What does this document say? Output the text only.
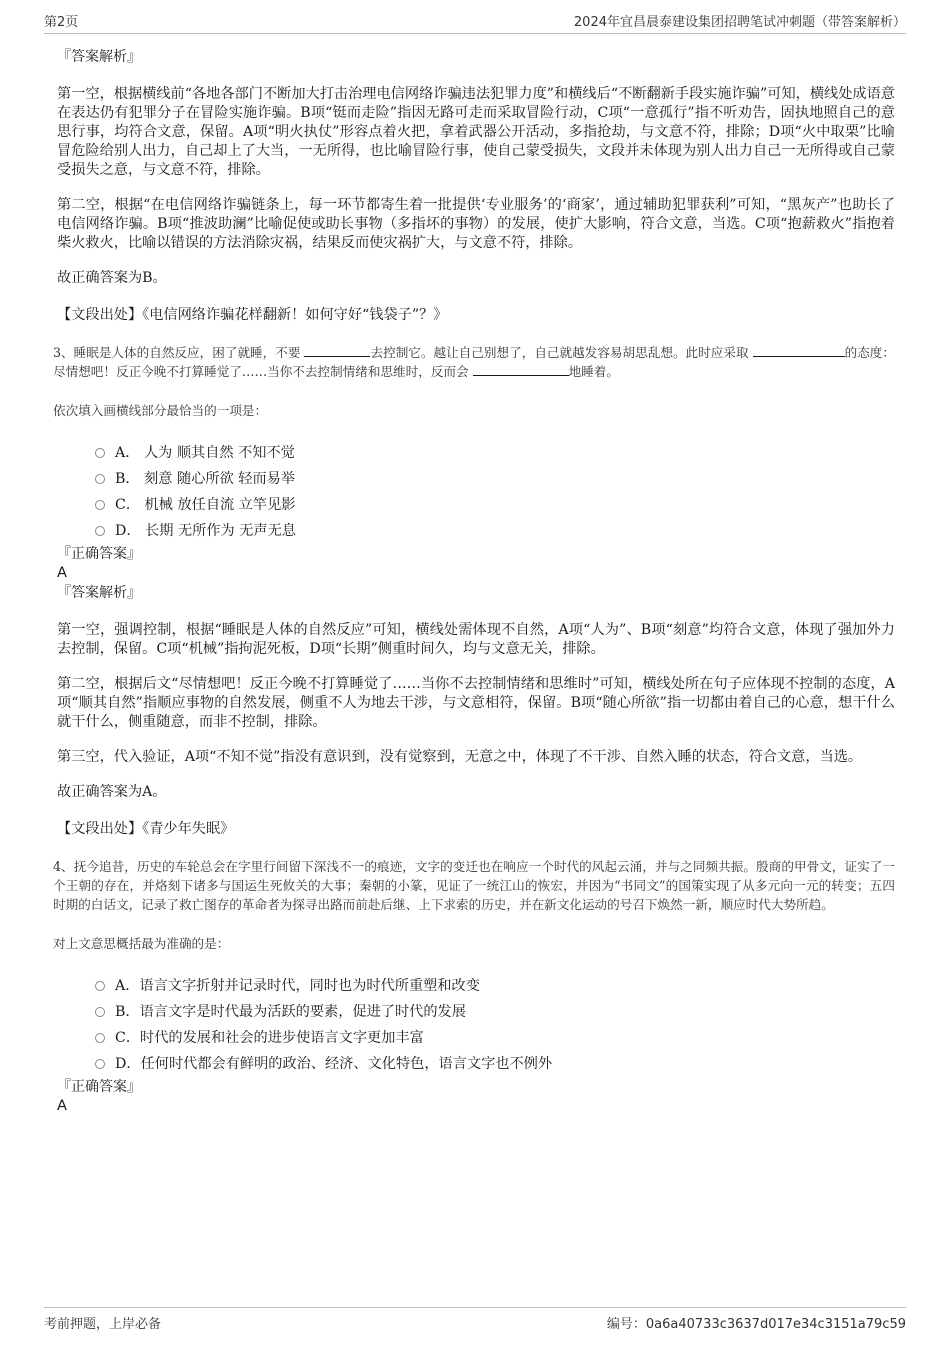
第2页	2024年宜昌晨泰建设集团招聘笔试冲刺题（带答案解析）

『答案解析』

第一空，根据横线前“各地各部门不断加大打击治理电信网络诈骗违法犯罪力度”和横线后“不断翻新手段实施诈骗”可知，横线处成语意在表达仍有犯罪分子在冒险实施诈骗。B项“铤而走险”指因无路可走而采取冒险行动，C项“一意孤行”指不听劝告，固执地照自己的意思行事，均符合文意，保留。A项“明火执仗”形容点着火把，拿着武器公开活动，多指抢劫，与文意不符，排除；D项“火中取栗”比喻冒危险给别人出力，自己却上了大当，一无所得，也比喻冒险行事，使自己蒙受损失，文段并未体现为别人出力自己一无所得或自己蒙受损失之意，与文意不符，排除。

第二空，根据“在电信网络诈骗链条上，每一环节都寄生着一批提供‘专业服务’的‘商家’，通过辅助犯罪获利”可知，“黑灰产”也助长了电信网络诈骗。B项“推波助澜”比喻促使或助长事物（多指坏的事物）的发展，使扩大影响，符合文意，当选。C项“抱薪救火”指抱着柴火救火，比喻以错误的方法消除灾祸，结果反而使灾祸扩大，与文意不符，排除。

故正确答案为B。

【文段出处】《电信网络诈骗花样翻新！如何守好“钱袋子”？》

3、睡眠是人体的自然反应，困了就睡，不要	去控制它。越让自己别想了，自己就越发容易胡思乱想。此时应采取	的态度：尽情想吧！反正今晚不打算睡觉了……当你不去控制情绪和思维时，反而会	地睡着。

依次填入画横线部分最恰当的一项是：

A． 人为 顺其自然 不知不觉
B． 刻意 随心所欲 轻而易举
C． 机械 放任自流 立竿见影
D． 长期 无所作为 无声无息

『正确答案』

A

『答案解析』

第一空，强调控制，根据“睡眠是人体的自然反应”可知，横线处需体现不自然，A项“人为”、B项“刻意”均符合文意，体现了强加外力去控制，保留。C项“机械”指拘泥死板，D项“长期”侧重时间久，均与文意无关，排除。

第二空，根据后文“尽情想吧！反正今晚不打算睡觉了……当你不去控制情绪和思维时”可知，横线处所在句子应体现不控制的态度，A项“顺其自然”指顺应事物的自然发展，侧重不人为地去干涉，与文意相符，保留。B项“随心所欲”指一切都由着自己的心意，想干什么就干什么，侧重随意，而非不控制，排除。

第三空，代入验证，A项“不知不觉”指没有意识到，没有觉察到，无意之中，体现了不干涉、自然入睡的状态，符合文意，当选。

故正确答案为A。

【文段出处】《青少年失眠》

4、抚今追昔，历史的车轮总会在字里行间留下深浅不一的痕迹，文字的变迁也在响应一个时代的风起云涌，并与之同频共振。殷商的甲骨文，证实了一个王朝的存在，并烙刻下诸多与国运生死攸关的大事；秦朝的小篆，见证了一统江山的恢宏，并因为“书同文”的国策实现了从多元向一元的转变；五四时期的白话文，记录了救亡图存的革命者为探寻出路而前赴后继、上下求索的历史，并在新文化运动的号召下焕然一新，顺应时代大势所趋。

对上文意思概括最为准确的是：

A．语言文字折射并记录时代，同时也为时代所重塑和改变
B．语言文字是时代最为活跃的要素，促进了时代的发展
C．时代的发展和社会的进步使语言文字更加丰富
D．任何时代都会有鲜明的政治、经济、文化特色，语言文字也不例外

『正确答案』

A

考前押题，上岸必备	编号：0a6a40733c3637d017e34c3151a79c59
